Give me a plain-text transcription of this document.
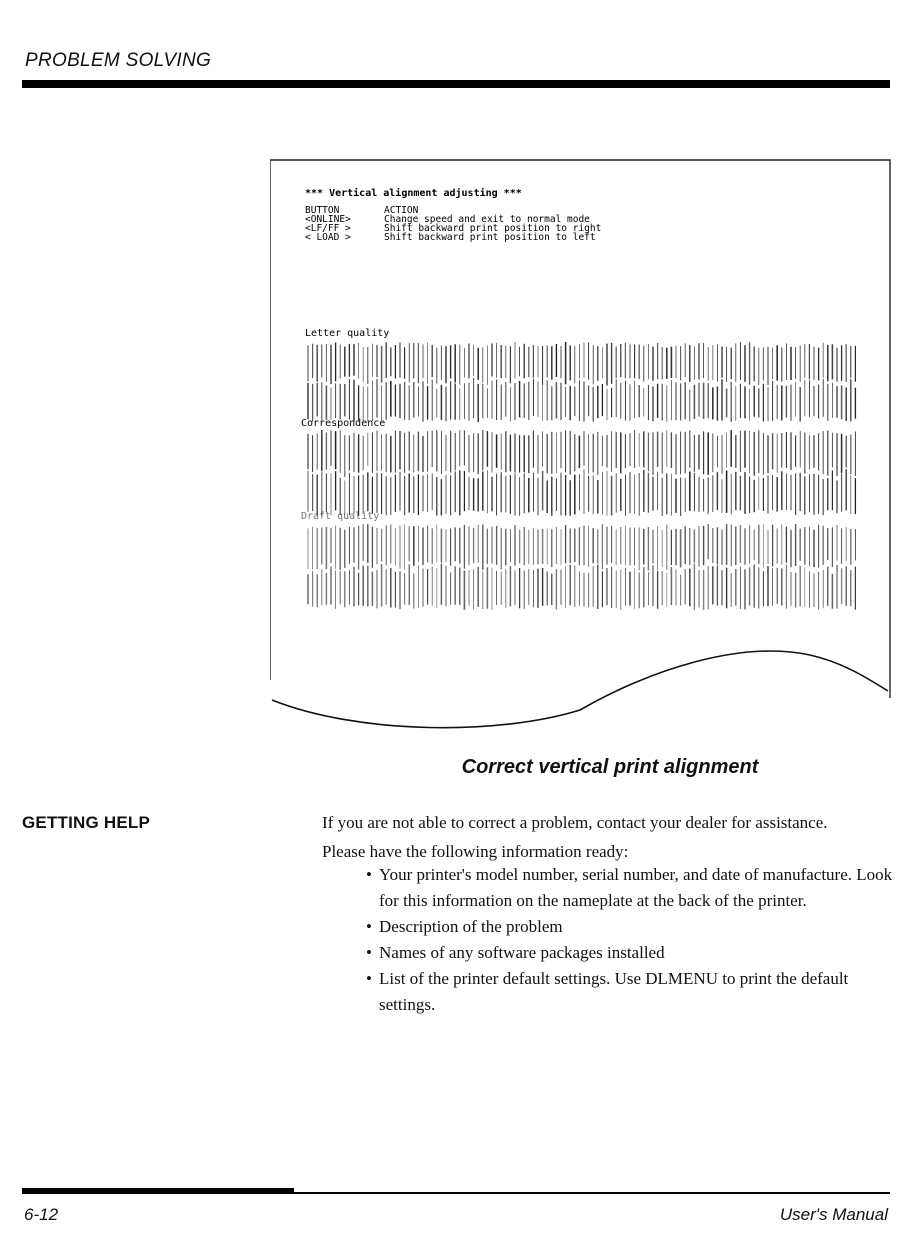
PROBLEM SOLVING
*** Vertical alignment adjusting ***
BUTTON	ACTION
<ONLINE>	Change speed and exit to normal mode
<LF/FF >	Shift backward print position to right
< LOAD >	Shift backward print position to left
Letter quality
Correspondence
Draft quality
Correct vertical print alignment
GETTING HELP	If you are not able to correct a problem, contact your dealer for assistance. Please have the following information ready:
• Your printer's model number, serial number, and date of manufacture. Look for this information on the nameplate at the back of the printer.
• Description of the problem
• Names of any software packages installed
• List of the printer default settings. Use DLMENU to print the default settings.
6-12	User's Manual
